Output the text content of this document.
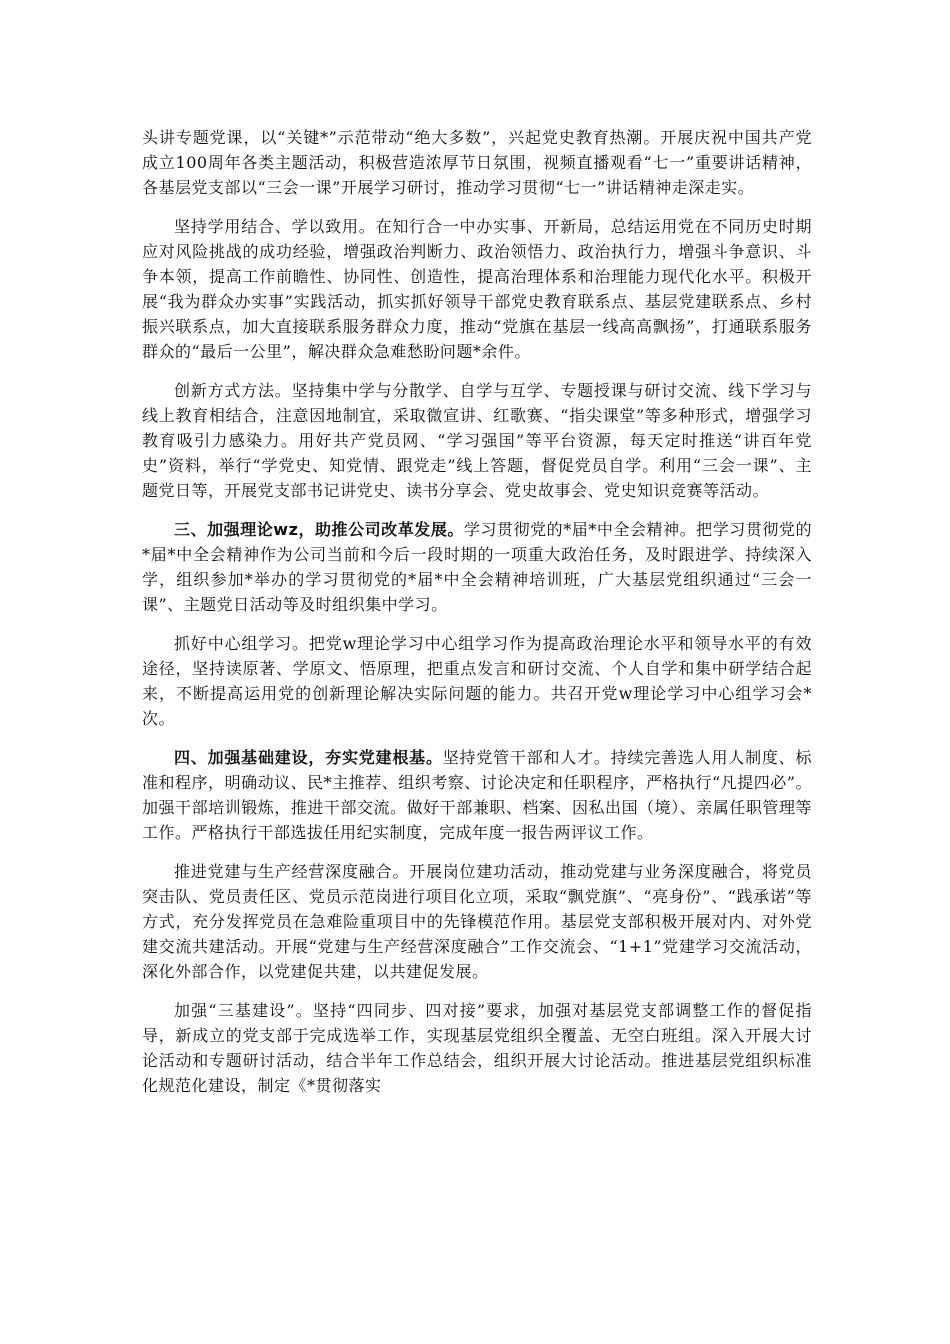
头讲专题党课，以“关键*”示范带动“绝大多数”，兴起党史教育热潮。开展庆祝中国共产党成立100周年各类主题活动，积极营造浓厚节日氛围，视频直播观看“七一”重要讲话精神，各基层党支部以“三会一课”开展学习研讨，推动学习贯彻“七一”讲话精神走深走实。

坚持学用结合、学以致用。在知行合一中办实事、开新局，总结运用党在不同历史时期应对风险挑战的成功经验，增强政治判断力、政治领悟力、政治执行力，增强斗争意识、斗争本领，提高工作前瞻性、协同性、创造性，提高治理体系和治理能力现代化水平。积极开展“我为群众办实事”实践活动，抓实抓好领导干部党史教育联系点、基层党建联系点、乡村振兴联系点，加大直接联系服务群众力度，推动“党旗在基层一线高高飘扬”，打通联系服务群众的“最后一公里”，解决群众急难愁盼问题*余件。

创新方式方法。坚持集中学与分散学、自学与互学、专题授课与研讨交流、线下学习与线上教育相结合，注意因地制宜，采取微宣讲、红歌赛、“指尖课堂”等多种形式，增强学习教育吸引力感染力。用好共产党员网、“学习强国”等平台资源，每天定时推送“讲百年党史”资料，举行“学党史、知党情、跟党走”线上答题，督促党员自学。利用“三会一课”、主题党日等，开展党支部书记讲党史、读书分享会、党史故事会、党史知识竞赛等活动。

三、加强理论wz，助推公司改革发展。学习贯彻党的*届*中全会精神。把学习贯彻党的*届*中全会精神作为公司当前和今后一段时期的一项重大政治任务，及时跟进学、持续深入学，组织参加*举办的学习贯彻党的*届*中全会精神培训班，广大基层党组织通过“三会一课”、主题党日活动等及时组织集中学习。

抓好中心组学习。把党w理论学习中心组学习作为提高政治理论水平和领导水平的有效途径，坚持读原著、学原文、悟原理，把重点发言和研讨交流、个人自学和集中研学结合起来，不断提高运用党的创新理论解决实际问题的能力。共召开党w理论学习中心组学习会*次。

四、加强基础建设，夯实党建根基。坚持党管干部和人才。持续完善选人用人制度、标准和程序，明确动议、民*主推荐、组织考察、讨论决定和任职程序，严格执行“凡提四必”。加强干部培训锻炼，推进干部交流。做好干部兼职、档案、因私出国（境）、亲属任职管理等工作。严格执行干部选拔任用纪实制度，完成年度一报告两评议工作。

推进党建与生产经营深度融合。开展岗位建功活动，推动党建与业务深度融合，将党员突击队、党员责任区、党员示范岗进行项目化立项，采取“飘党旗”、“亮身份”、“践承诺”等方式，充分发挥党员在急难险重项目中的先锋模范作用。基层党支部积极开展对内、对外党建交流共建活动。开展“党建与生产经营深度融合”工作交流会、“1+1”党建学习交流活动，深化外部合作，以党建促共建，以共建促发展。

加强“三基建设”。坚持“四同步、四对接”要求，加强对基层党支部调整工作的督促指导，新成立的党支部于完成选举工作，实现基层党组织全覆盖、无空白班组。深入开展大讨论活动和专题研讨活动，结合半年工作总结会，组织开展大讨论活动。推进基层党组织标准化规范化建设，制定《*贯彻落实
